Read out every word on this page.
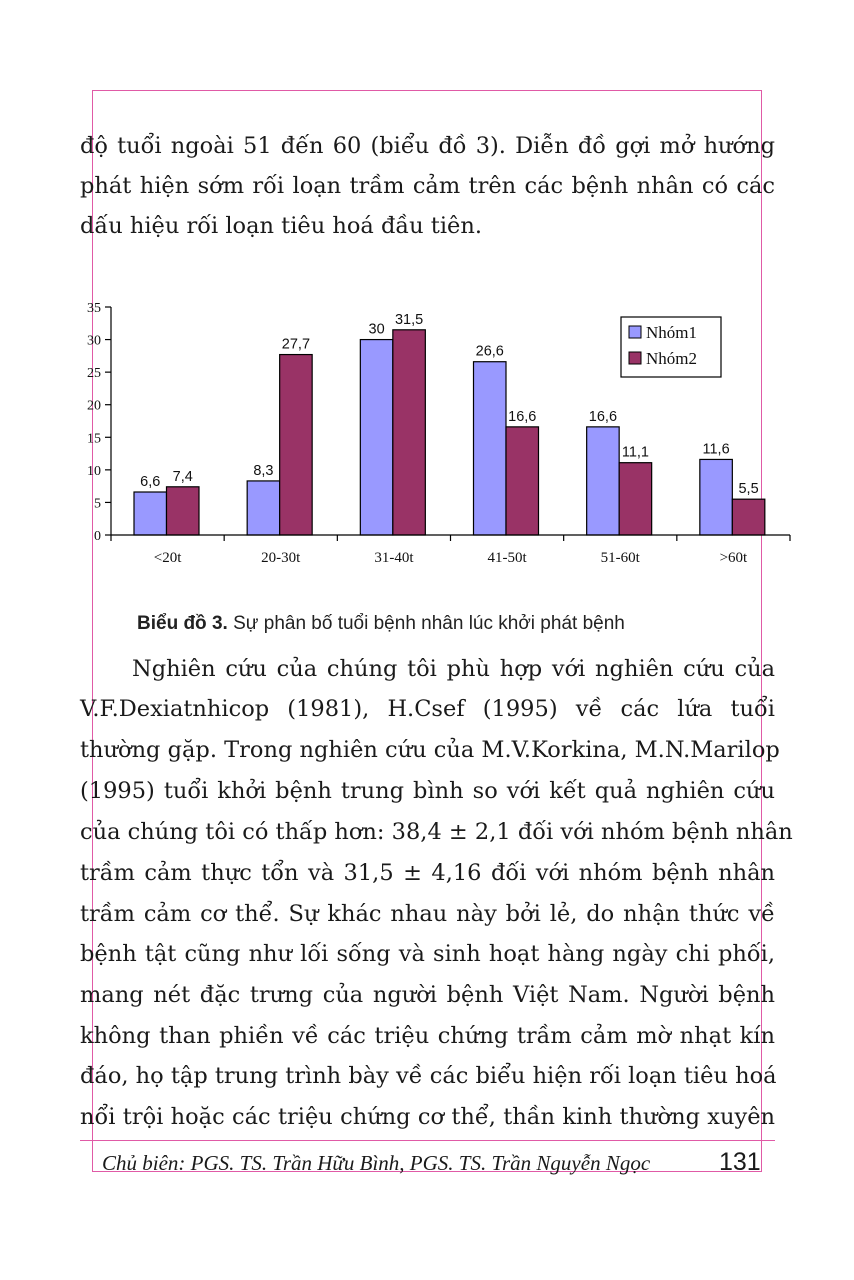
độ tuổi ngoài 51 đến 60 (biểu đồ 3). Diễn đồ gợi mở hướng
phát hiện sớm rối loạn trầm cảm trên các bệnh nhân có các
dấu hiệu rối loạn tiêu hoá đầu tiên.
6,6
8,3
30
26,6
16,6
11,6
7,4
27,7
31,5
16,6
11,1
5,5
0
5
10
15
20
25
30
35
<20t	20-30t	31-40t	41-50t	51-60t	>60t
Nhóm1
Nhóm2
Biểu đồ 3. Sự phân bố tuổi bệnh nhân lúc khởi phát bệnh
Nghiên cứu của chúng tôi phù hợp với nghiên cứu của
V.F.Dexiatnhicop (1981), H.Csef (1995) về các lứa tuổi
thường gặp. Trong nghiên cứu của M.V.Korkina, M.N.Marilop
(1995) tuổi khởi bệnh trung bình so với kết quả nghiên cứu
của chúng tôi có thấp hơn: 38,4 ± 2,1 đối với nhóm bệnh nhân
trầm cảm thực tổn và 31,5 ± 4,16 đối với nhóm bệnh nhân
trầm cảm cơ thể. Sự khác nhau này bởi lẻ, do nhận thức về
bệnh tật cũng như lối sống và sinh hoạt hàng ngày chi phối,
mang nét đặc trưng của người bệnh Việt Nam. Người bệnh
không than phiền về các triệu chứng trầm cảm mờ nhạt kín
đáo, họ tập trung trình bày về các biểu hiện rối loạn tiêu hoá
nổi trội hoặc các triệu chứng cơ thể, thần kinh thường xuyên
Chủ biên: PGS. TS. Trần Hữu Bình, PGS. TS. Trần Nguyễn Ngọc	131
